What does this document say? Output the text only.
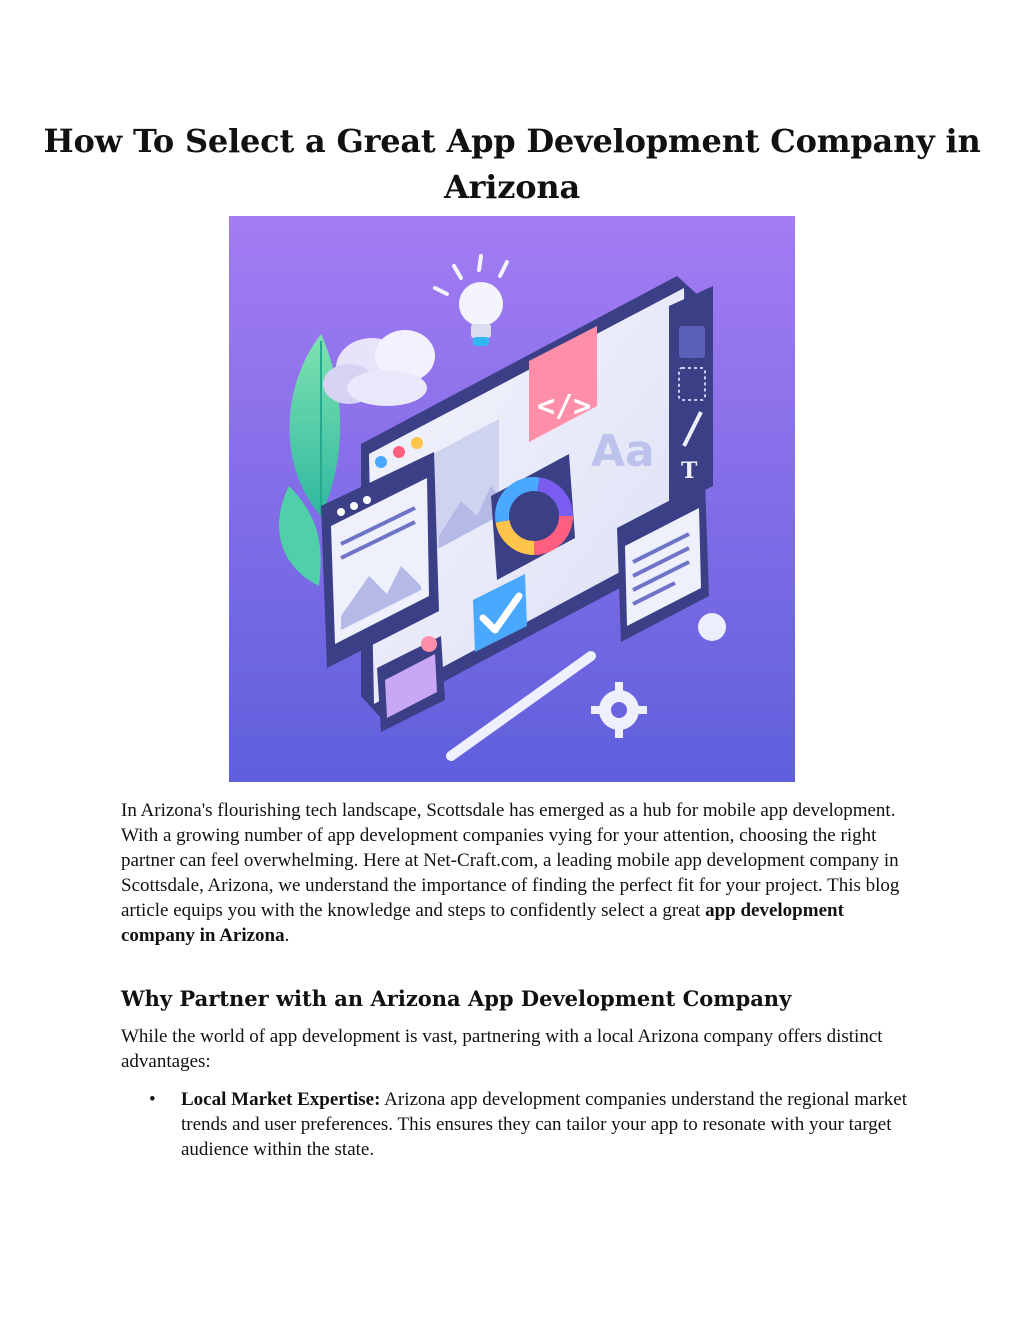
How To Select a Great App Development Company in Arizona
</>
Aa T

In Arizona's flourishing tech landscape, Scottsdale has emerged as a hub for mobile app development. With a growing number of app development companies vying for your attention, choosing the right partner can feel overwhelming. Here at Net-Craft.com, a leading mobile app development company in Scottsdale, Arizona, we understand the importance of finding the perfect fit for your project. This blog article equips you with the knowledge and steps to confidently select a great app development company in Arizona.

Why Partner with an Arizona App Development Company

While the world of app development is vast, partnering with a local Arizona company offers distinct advantages:

• Local Market Expertise: Arizona app development companies understand the regional market trends and user preferences. This ensures they can tailor your app to resonate with your target audience within the state.
